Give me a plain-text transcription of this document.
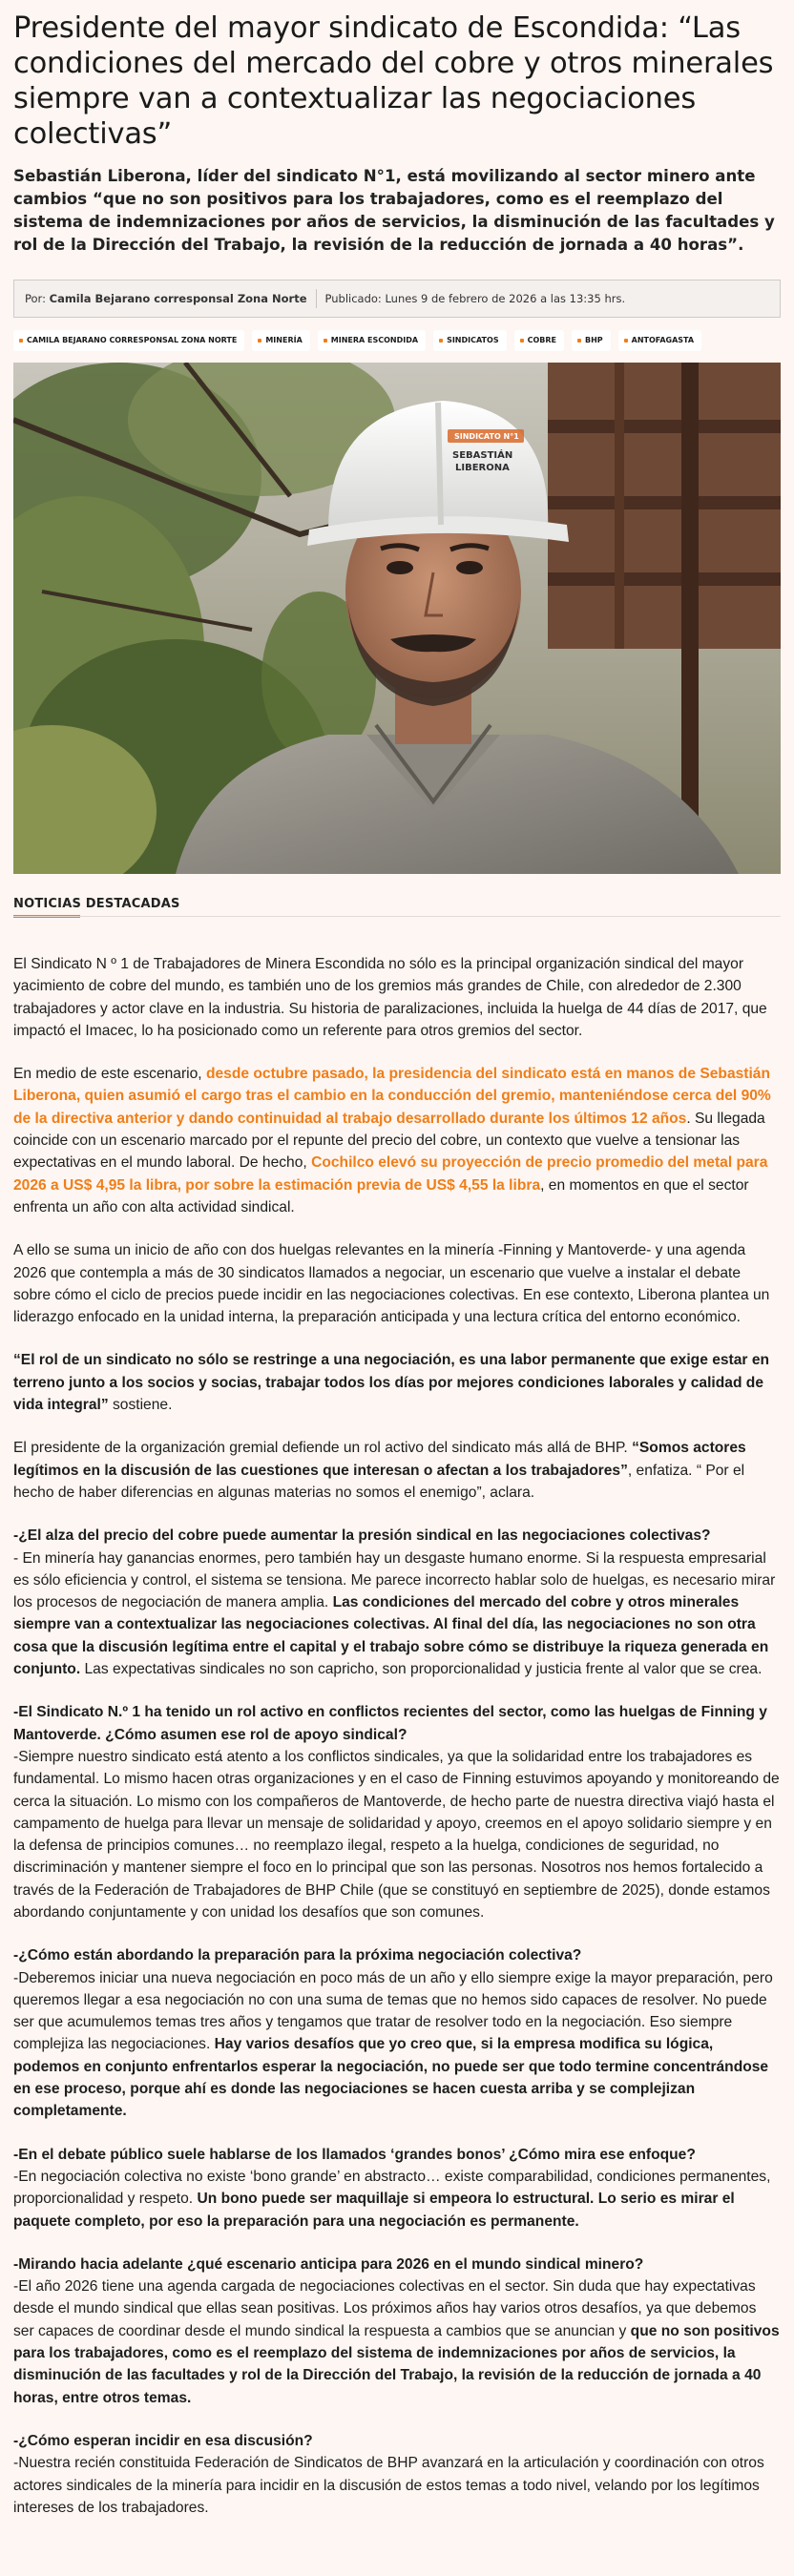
Presidente del mayor sindicato de Escondida: “Las condiciones del mercado del cobre y otros minerales siempre van a contextualizar las negociaciones colectivas”

Sebastián Liberona, líder del sindicato N°1, está movilizando al sector minero ante cambios “que no son positivos para los trabajadores, como es el reemplazo del sistema de indemnizaciones por años de servicios, la disminución de las facultades y rol de la Dirección del Trabajo, la revisión de la reducción de jornada a 40 horas”.

Por: Camila Bejarano corresponsal Zona Norte Publicado: Lunes 9 de febrero de 2026 a las 13:35 hrs.
CAMILA BEJARANO CORRESPONSAL ZONA NORTE	MINERÍA	MINERA ESCONDIDA	SINDICATOS	COBRE	BHP	ANTOFAGASTA
SINDICATO N°1
SEBASTIÁN
LIBERONA
NOTICIAS DESTACADAS

El Sindicato N º 1 de Trabajadores de Minera Escondida no sólo es la principal organización sindical del mayor yacimiento de cobre del mundo, es también uno de los gremios más grandes de Chile, con alrededor de 2.300 trabajadores y actor clave en la industria. Su historia de paralizaciones, incluida la huelga de 44 días de 2017, que impactó el Imacec, lo ha posicionado como un referente para otros gremios del sector.

En medio de este escenario, desde octubre pasado, la presidencia del sindicato está en manos de Sebastián Liberona, quien asumió el cargo tras el cambio en la conducción del gremio, manteniéndose cerca del 90% de la directiva anterior y dando continuidad al trabajo desarrollado durante los últimos 12 años. Su llegada coincide con un escenario marcado por el repunte del precio del cobre, un contexto que vuelve a tensionar las expectativas en el mundo laboral. De hecho, Cochilco elevó su proyección de precio promedio del metal para 2026 a US$ 4,95 la libra, por sobre la estimación previa de US$ 4,55 la libra, en momentos en que el sector enfrenta un año con alta actividad sindical.

A ello se suma un inicio de año con dos huelgas relevantes en la minería -Finning y Mantoverde- y una agenda 2026 que contempla a más de 30 sindicatos llamados a negociar, un escenario que vuelve a instalar el debate sobre cómo el ciclo de precios puede incidir en las negociaciones colectivas. En ese contexto, Liberona plantea un liderazgo enfocado en la unidad interna, la preparación anticipada y una lectura crítica del entorno económico.

“El rol de un sindicato no sólo se restringe a una negociación, es una labor permanente que exige estar en terreno junto a los socios y socias, trabajar todos los días por mejores condiciones laborales y calidad de vida integral” sostiene.

El presidente de la organización gremial defiende un rol activo del sindicato más allá de BHP. “Somos actores legítimos en la discusión de las cuestiones que interesan o afectan a los trabajadores”, enfatiza. “ Por el hecho de haber diferencias en algunas materias no somos el enemigo”, aclara.

-¿El alza del precio del cobre puede aumentar la presión sindical en las negociaciones colectivas?
- En minería hay ganancias enormes, pero también hay un desgaste humano enorme. Si la respuesta empresarial es sólo eficiencia y control, el sistema se tensiona. Me parece incorrecto hablar solo de huelgas, es necesario mirar los procesos de negociación de manera amplia. Las condiciones del mercado del cobre y otros minerales siempre van a contextualizar las negociaciones colectivas. Al final del día, las negociaciones no son otra cosa que la discusión legítima entre el capital y el trabajo sobre cómo se distribuye la riqueza generada en conjunto. Las expectativas sindicales no son capricho, son proporcionalidad y justicia frente al valor que se crea.

-El Sindicato N.º 1 ha tenido un rol activo en conflictos recientes del sector, como las huelgas de Finning y Mantoverde. ¿Cómo asumen ese rol de apoyo sindical?
-Siempre nuestro sindicato está atento a los conflictos sindicales, ya que la solidaridad entre los trabajadores es fundamental. Lo mismo hacen otras organizaciones y en el caso de Finning estuvimos apoyando y monitoreando de cerca la situación. Lo mismo con los compañeros de Mantoverde, de hecho parte de nuestra directiva viajó hasta el campamento de huelga para llevar un mensaje de solidaridad y apoyo, creemos en el apoyo solidario siempre y en la defensa de principios comunes… no reemplazo ilegal, respeto a la huelga, condiciones de seguridad, no discriminación y mantener siempre el foco en lo principal que son las personas. Nosotros nos hemos fortalecido a través de la Federación de Trabajadores de BHP Chile (que se constituyó en septiembre de 2025), donde estamos abordando conjuntamente y con unidad los desafíos que son comunes.

-¿Cómo están abordando la preparación para la próxima negociación colectiva?
-Deberemos iniciar una nueva negociación en poco más de un año y ello siempre exige la mayor preparación, pero queremos llegar a esa negociación no con una suma de temas que no hemos sido capaces de resolver. No puede ser que acumulemos temas tres años y tengamos que tratar de resolver todo en la negociación. Eso siempre complejiza las negociaciones. Hay varios desafíos que yo creo que, si la empresa modifica su lógica, podemos en conjunto enfrentarlos esperar la negociación, no puede ser que todo termine concentrándose en ese proceso, porque ahí es donde las negociaciones se hacen cuesta arriba y se complejizan completamente.

-En el debate público suele hablarse de los llamados ‘grandes bonos’ ¿Cómo mira ese enfoque?
-En negociación colectiva no existe ‘bono grande’ en abstracto… existe comparabilidad, condiciones permanentes, proporcionalidad y respeto. Un bono puede ser maquillaje si empeora lo estructural. Lo serio es mirar el paquete completo, por eso la preparación para una negociación es permanente.

-Mirando hacia adelante ¿qué escenario anticipa para 2026 en el mundo sindical minero?
-El año 2026 tiene una agenda cargada de negociaciones colectivas en el sector. Sin duda que hay expectativas desde el mundo sindical que ellas sean positivas. Los próximos años hay varios otros desafíos, ya que debemos ser capaces de coordinar desde el mundo sindical la respuesta a cambios que se anuncian y que no son positivos para los trabajadores, como es el reemplazo del sistema de indemnizaciones por años de servicios, la disminución de las facultades y rol de la Dirección del Trabajo, la revisión de la reducción de jornada a 40 horas, entre otros temas.

-¿Cómo esperan incidir en esa discusión?
-Nuestra recién constituida Federación de Sindicatos de BHP avanzará en la articulación y coordinación con otros actores sindicales de la minería para incidir en la discusión de estos temas a todo nivel, velando por los legítimos intereses de los trabajadores.
